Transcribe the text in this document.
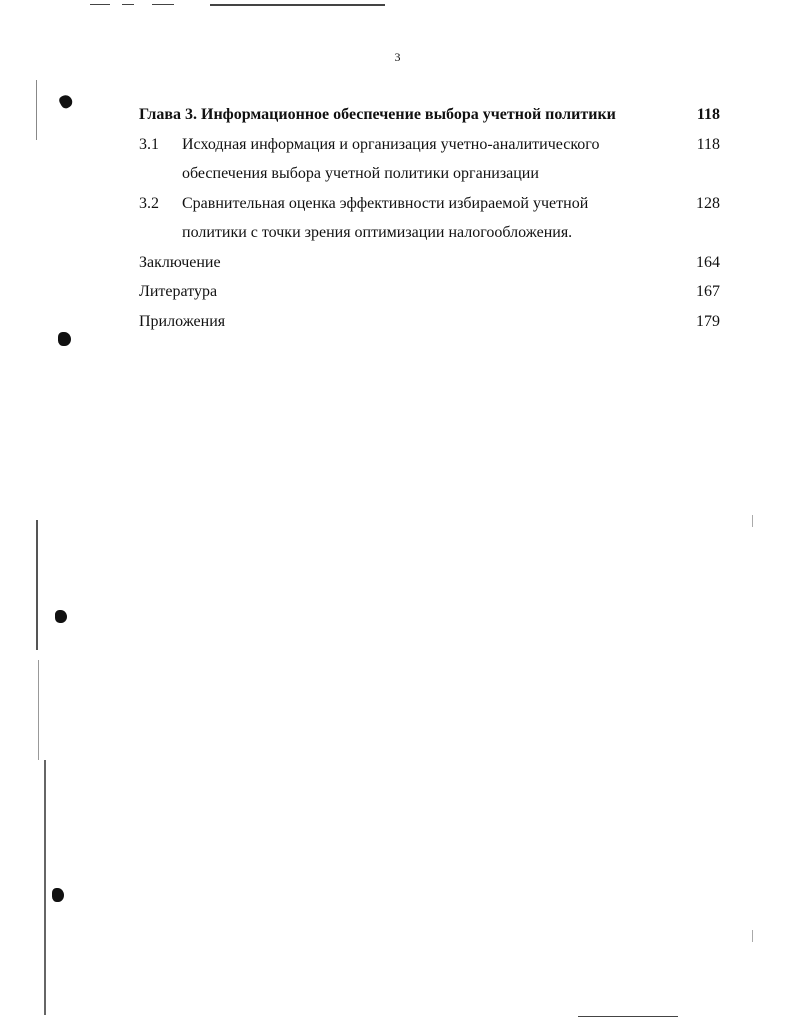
3
Глава 3. Информационное обеспечение выбора учетной политики	118
3.1 Исходная информация и организация учетно-аналитического	118
обеспечения выбора учетной политики организации
3.2 Сравнительная оценка эффективности избираемой учетной	128
политики с точки зрения оптимизации налогообложения.
Заключение	164
Литература	167
Приложения	179
